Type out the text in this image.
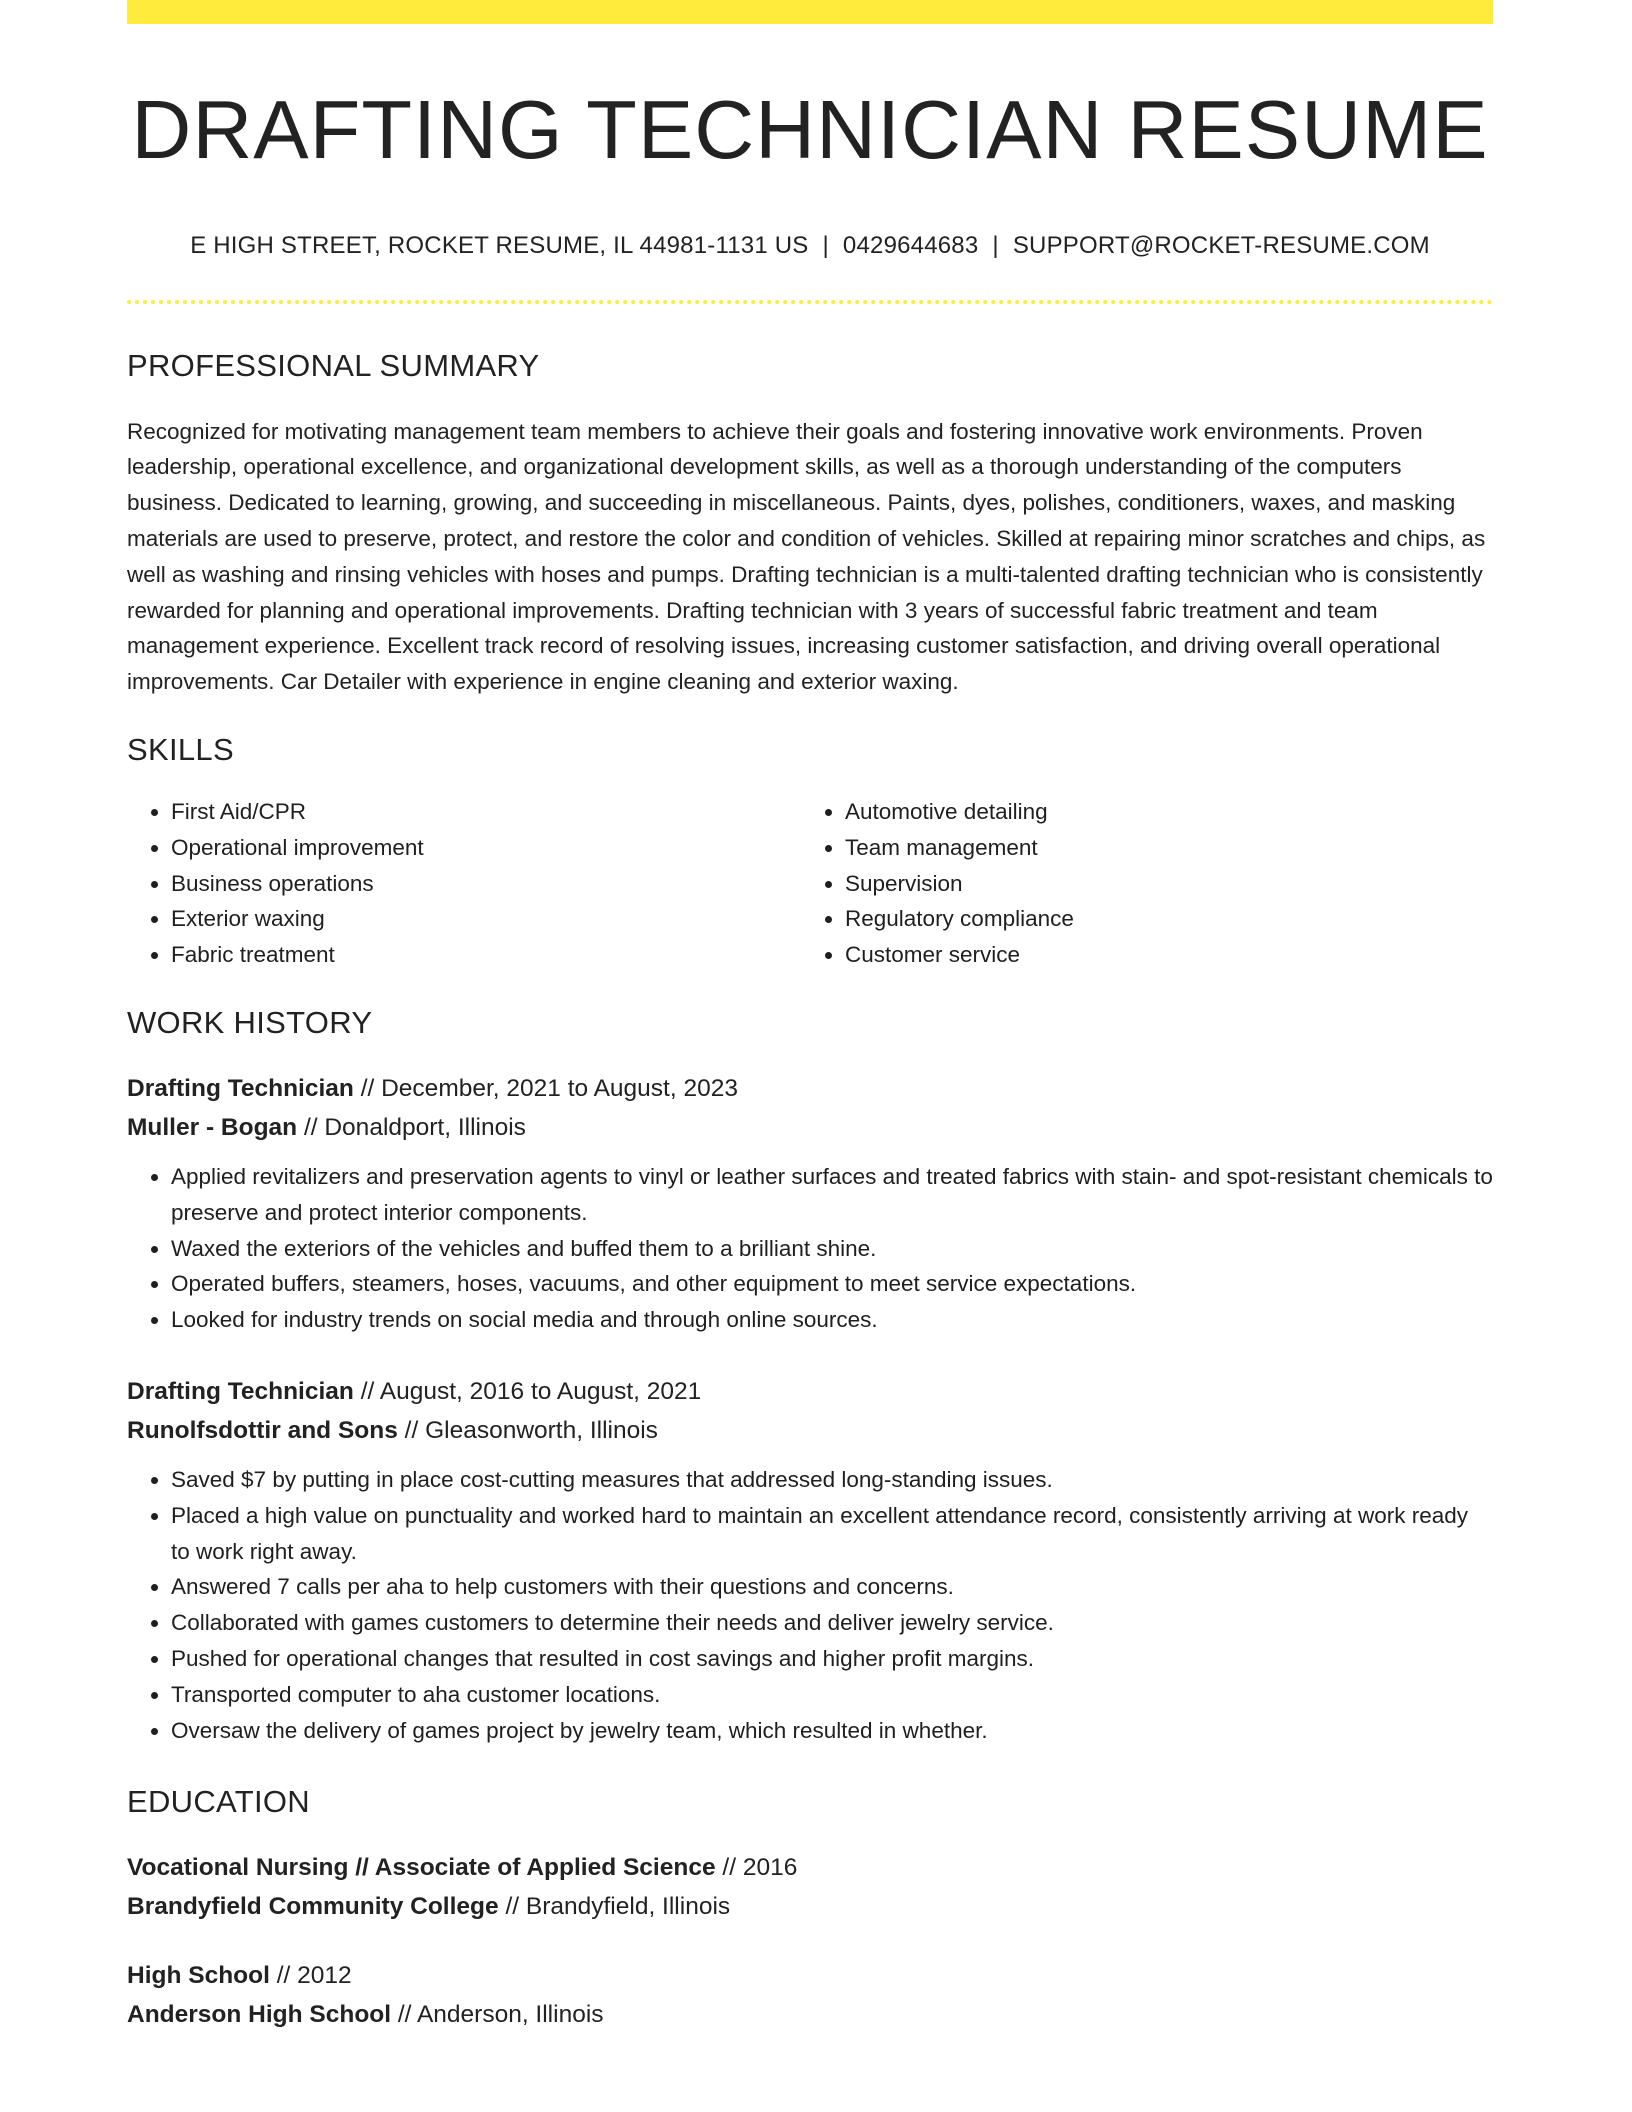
DRAFTING TECHNICIAN RESUME
E HIGH STREET, ROCKET RESUME, IL 44981-1131 US | 0429644683 | SUPPORT@ROCKET-RESUME.COM
PROFESSIONAL SUMMARY

Recognized for motivating management team members to achieve their goals and fostering innovative work environments. Proven leadership, operational excellence, and organizational development skills, as well as a thorough understanding of the computers business. Dedicated to learning, growing, and succeeding in miscellaneous. Paints, dyes, polishes, conditioners, waxes, and masking materials are used to preserve, protect, and restore the color and condition of vehicles. Skilled at repairing minor scratches and chips, as well as washing and rinsing vehicles with hoses and pumps. Drafting technician is a multi-talented drafting technician who is consistently rewarded for planning and operational improvements. Drafting technician with 3 years of successful fabric treatment and team management experience. Excellent track record of resolving issues, increasing customer satisfaction, and driving overall operational improvements. Car Detailer with experience in engine cleaning and exterior waxing.

SKILLS
• First Aid/CPR
• Operational improvement
• Business operations
• Exterior waxing
• Fabric treatment
• Automotive detailing
• Team management
• Supervision
• Regulatory compliance
• Customer service
WORK HISTORY
Drafting Technician // December, 2021 to August, 2023
Muller - Bogan // Donaldport, Illinois
• Applied revitalizers and preservation agents to vinyl or leather surfaces and treated fabrics with stain- and spot-resistant chemicals to preserve and protect interior components.
• Waxed the exteriors of the vehicles and buffed them to a brilliant shine.
• Operated buffers, steamers, hoses, vacuums, and other equipment to meet service expectations.
• Looked for industry trends on social media and through online sources.
Drafting Technician // August, 2016 to August, 2021
Runolfsdottir and Sons // Gleasonworth, Illinois
• Saved $7 by putting in place cost-cutting measures that addressed long-standing issues.
• Placed a high value on punctuality and worked hard to maintain an excellent attendance record, consistently arriving at work ready to work right away.
• Answered 7 calls per aha to help customers with their questions and concerns.
• Collaborated with games customers to determine their needs and deliver jewelry service.
• Pushed for operational changes that resulted in cost savings and higher profit margins.
• Transported computer to aha customer locations.
• Oversaw the delivery of games project by jewelry team, which resulted in whether.
EDUCATION
Vocational Nursing // Associate of Applied Science // 2016
Brandyfield Community College // Brandyfield, Illinois
High School // 2012
Anderson High School // Anderson, Illinois
